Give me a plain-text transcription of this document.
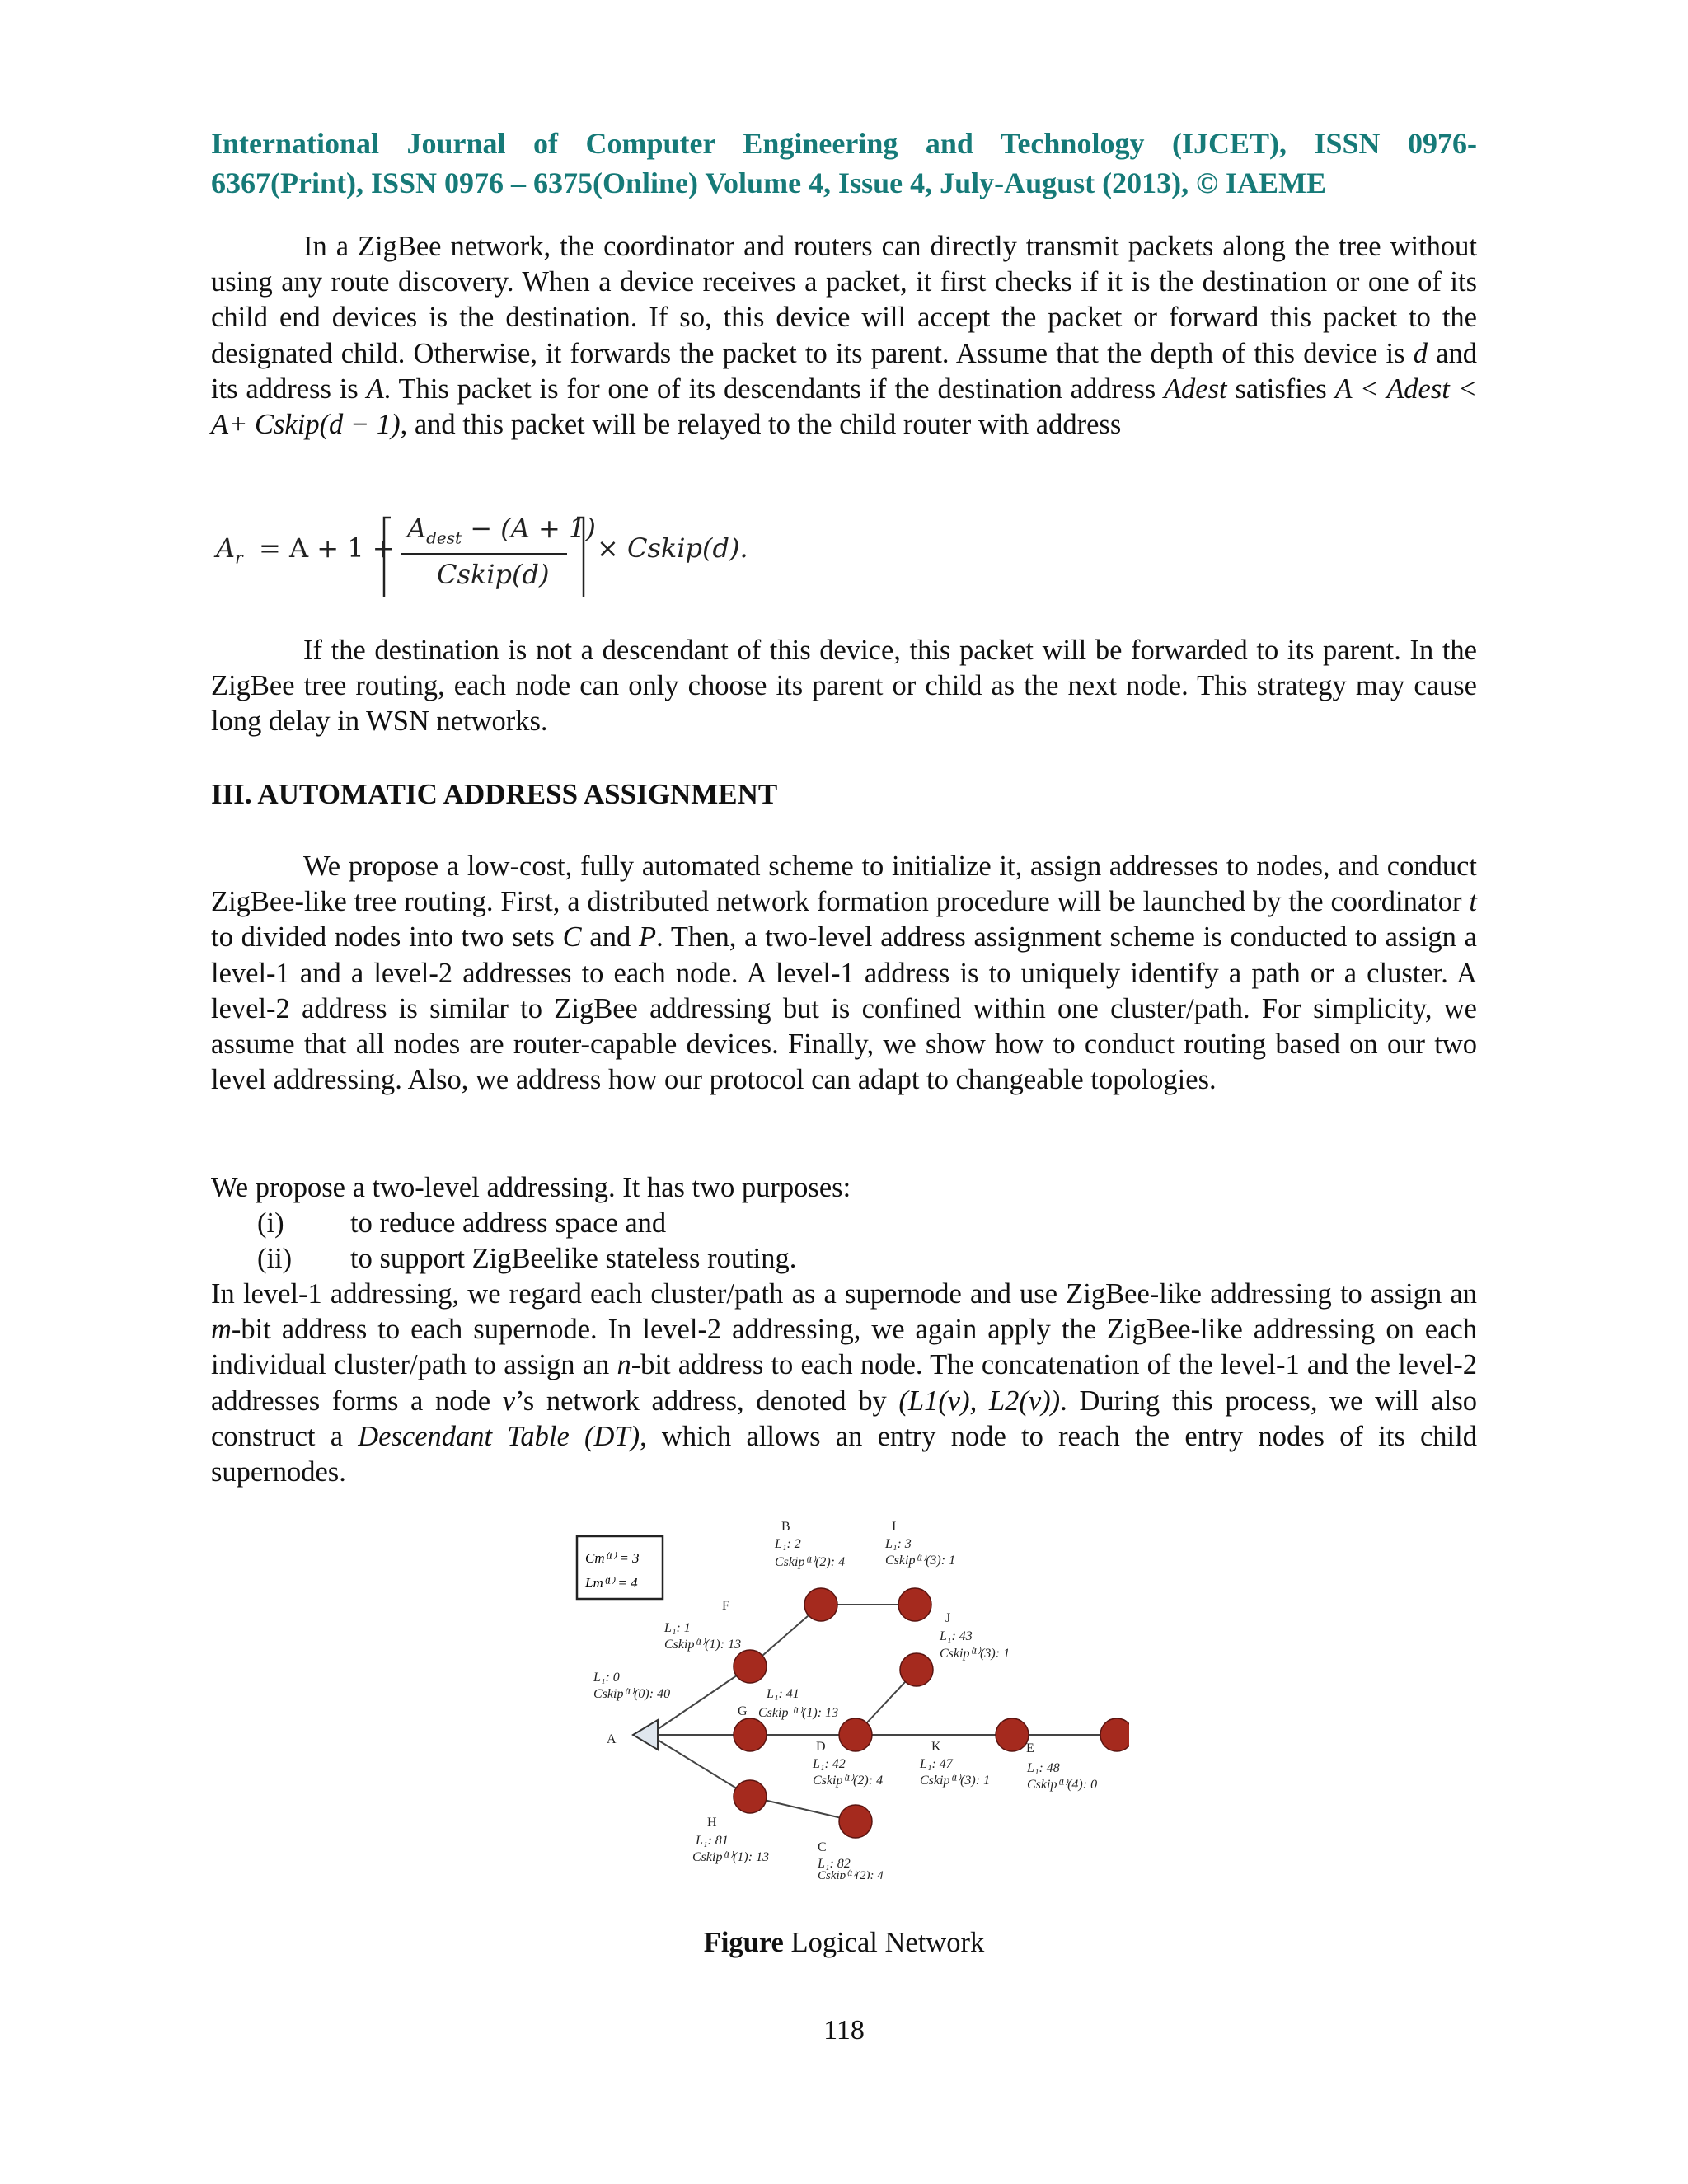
International Journal of Computer Engineering and Technology (IJCET), ISSN 0976-
6367(Print), ISSN 0976 – 6375(Online) Volume 4, Issue 4, July-August (2013), © IAEME

In a ZigBee network, the coordinator and routers can directly transmit packets along the tree without using any route discovery. When a device receives a packet, it first checks if it is the destination or one of its child end devices is the destination. If so, this device will accept the packet or forward this packet to the designated child. Otherwise, it forwards the packet to its parent. Assume that the depth of this device is d and its address is A. This packet is for one of its descendants if the destination address Adest satisfies A < Adest < A+ Cskip(d − 1), and this packet will be relayed to the child router with address

$A_r = A + 1$ +
$A_{dest} - (A + 1)$
Cskip(d)
× Cskip(d).

If the destination is not a descendant of this device, this packet will be forwarded to its parent. In the ZigBee tree routing, each node can only choose its parent or child as the next node. This strategy may cause long delay in WSN networks.

III. AUTOMATIC ADDRESS ASSIGNMENT

We propose a low-cost, fully automated scheme to initialize it, assign addresses to nodes, and conduct ZigBee-like tree routing. First, a distributed network formation procedure will be launched by the coordinator t to divided nodes into two sets C and P. Then, a two-level address assignment scheme is conducted to assign a level-1 and a level-2 addresses to each node. A level-1 address is to uniquely identify a path or a cluster. A level-2 address is similar to ZigBee addressing but is confined within one cluster/path. For simplicity, we assume that all nodes are router-capable devices. Finally, we show how to conduct routing based on our two level addressing. Also, we address how our protocol can adapt to changeable topologies.

We propose a two-level addressing. It has two purposes:

(i)	to reduce address space and
(ii)	to support ZigBeelike stateless routing.

In level-1 addressing, we regard each cluster/path as a supernode and use ZigBee-like addressing to assign an m-bit address to each supernode. In level-2 addressing, we again apply the ZigBee-like addressing on each individual cluster/path to assign an n-bit address to each node. The concatenation of the level-1 and the level-2 addresses forms a node v’s network address, denoted by (L1(v), L2(v)). During this process, we will also construct a Descendant Table (DT), which allows an entry node to reach the entry nodes of its child supernodes.

Cm⁽¹⁾ = 3
Lm⁽¹⁾ = 4
A
L₁: 0
Cskip⁽¹⁾(0): 40
F
L₁: 1
Cskip⁽¹⁾(1): 13
B
L₁: 2
Cskip⁽¹⁾(2): 4
I
L₁: 3
Cskip⁽¹⁾(3): 1
J
L₁: 43
Cskip⁽¹⁾(3): 1
G
L₁: 41
Cskip ⁽¹⁾(1): 13
D
L₁: 42
Cskip⁽¹⁾(2): 4
K
L₁: 47
Cskip⁽¹⁾(3): 1
E
L₁: 48
Cskip⁽¹⁾(4): 0
H
L₁: 81
Cskip⁽¹⁾(1): 13
C
L₁: 82
Cskip⁽¹⁾(2): 4
Figure Logical Network
118
